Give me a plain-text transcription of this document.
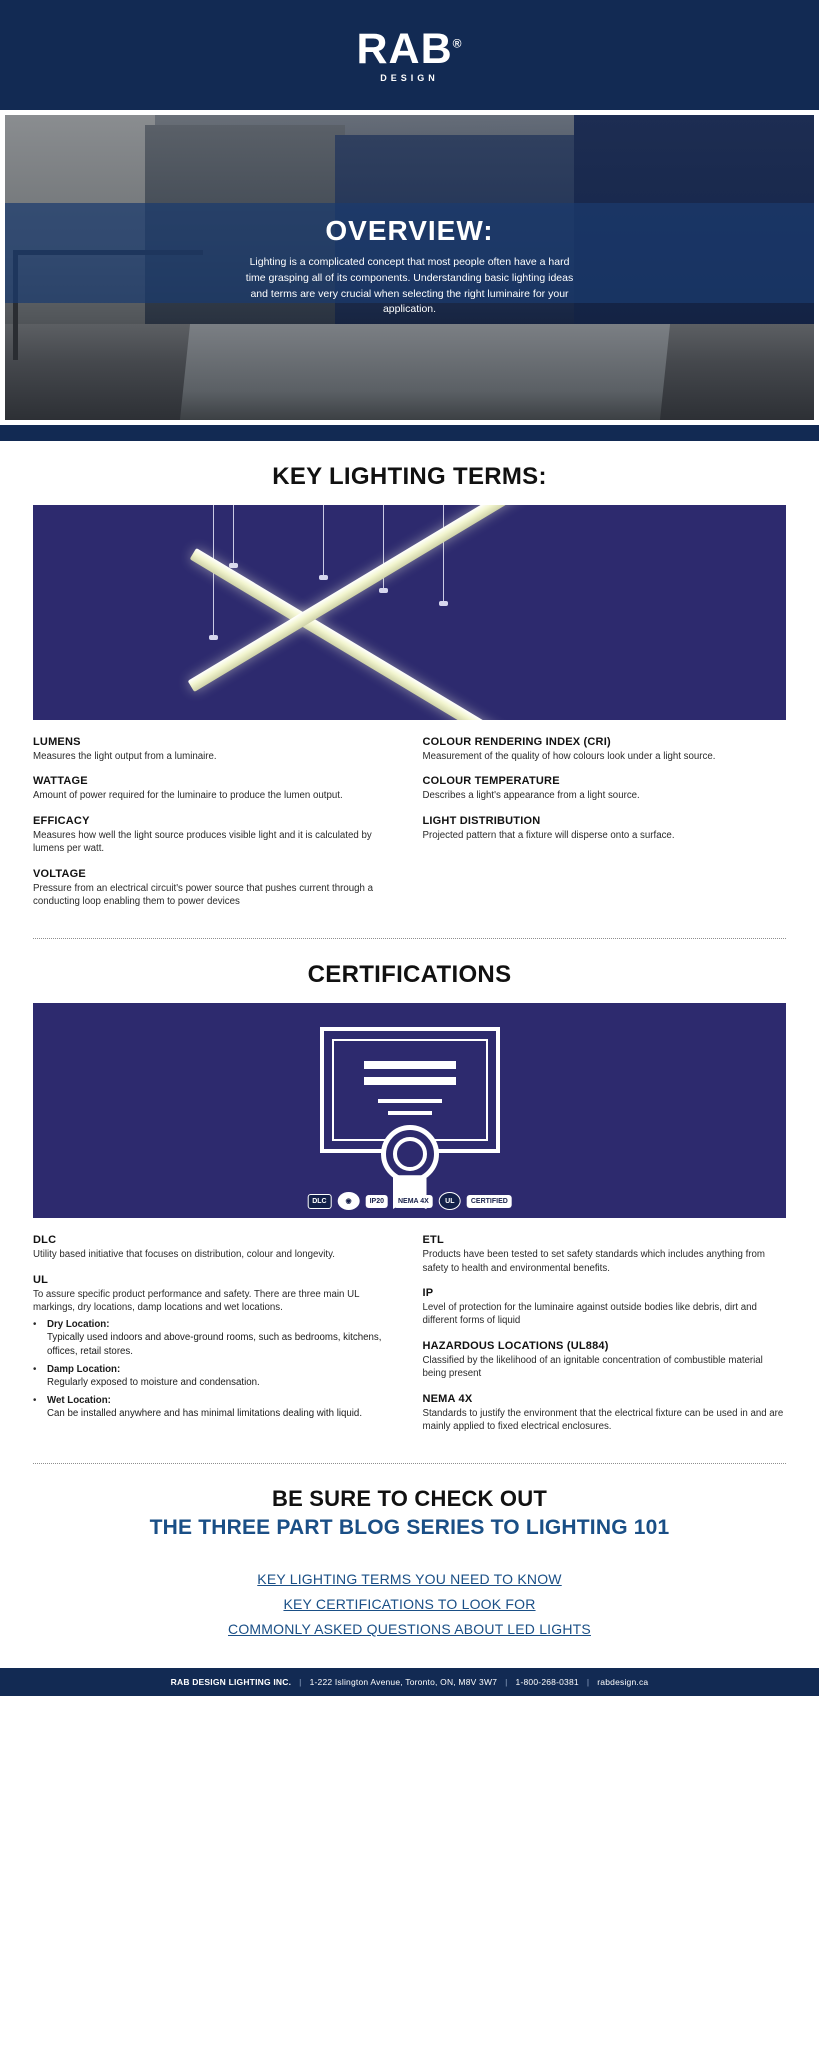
RAB®
DESIGN
OVERVIEW:
Lighting is a complicated concept that most people often have a hard time grasping all of its components. Understanding basic lighting ideas and terms are very crucial when selecting the right luminaire for your application.
KEY LIGHTING TERMS:
LUMENS
Measures the light output from a luminaire.
WATTAGE
Amount of power required for the luminaire to produce the lumen output.
EFFICACY
Measures how well the light source produces visible light and it is calculated by lumens per watt.
VOLTAGE
Pressure from an electrical circuit's power source that pushes current through a conducting loop enabling them to power devices
COLOUR RENDERING INDEX (CRI)
Measurement of the quality of how colours look under a light source.
COLOUR TEMPERATURE
Describes a light's appearance from a light source.
LIGHT DISTRIBUTION
Projected pattern that a fixture will disperse onto a surface.
CERTIFICATIONS
DLC	◉	IP20	NEMA 4X	UL	CERTIFIED
DLC
Utility based initiative that focuses on distribution, colour and longevity.
UL
To assure specific product performance and safety. There are three main UL markings, dry locations, damp locations and wet locations.
•	Dry Location:
Typically used indoors and above-ground rooms, such as bedrooms, kitchens, offices, retail stores.
•	Damp Location:
Regularly exposed to moisture and condensation.
•	Wet Location:
Can be installed anywhere and has minimal limitations dealing with liquid.
ETL
Products have been tested to set safety standards which includes anything from safety to health and environmental benefits.
IP
Level of protection for the luminaire against outside bodies like debris, dirt and different forms of liquid
HAZARDOUS LOCATIONS (UL884)
Classified by the likelihood of an ignitable concentration of combustible material being present
NEMA 4X
Standards to justify the environment that the electrical fixture can be used in and are mainly applied to fixed electrical enclosures.
BE SURE TO CHECK OUT
THE THREE PART BLOG SERIES TO LIGHTING 101
KEY LIGHTING TERMS YOU NEED TO KNOW
KEY CERTIFICATIONS TO LOOK FOR
COMMONLY ASKED QUESTIONS ABOUT LED LIGHTS
RAB DESIGN LIGHTING INC. | 1-222 Islington Avenue, Toronto, ON, M8V 3W7 | 1-800-268-0381 | rabdesign.ca
